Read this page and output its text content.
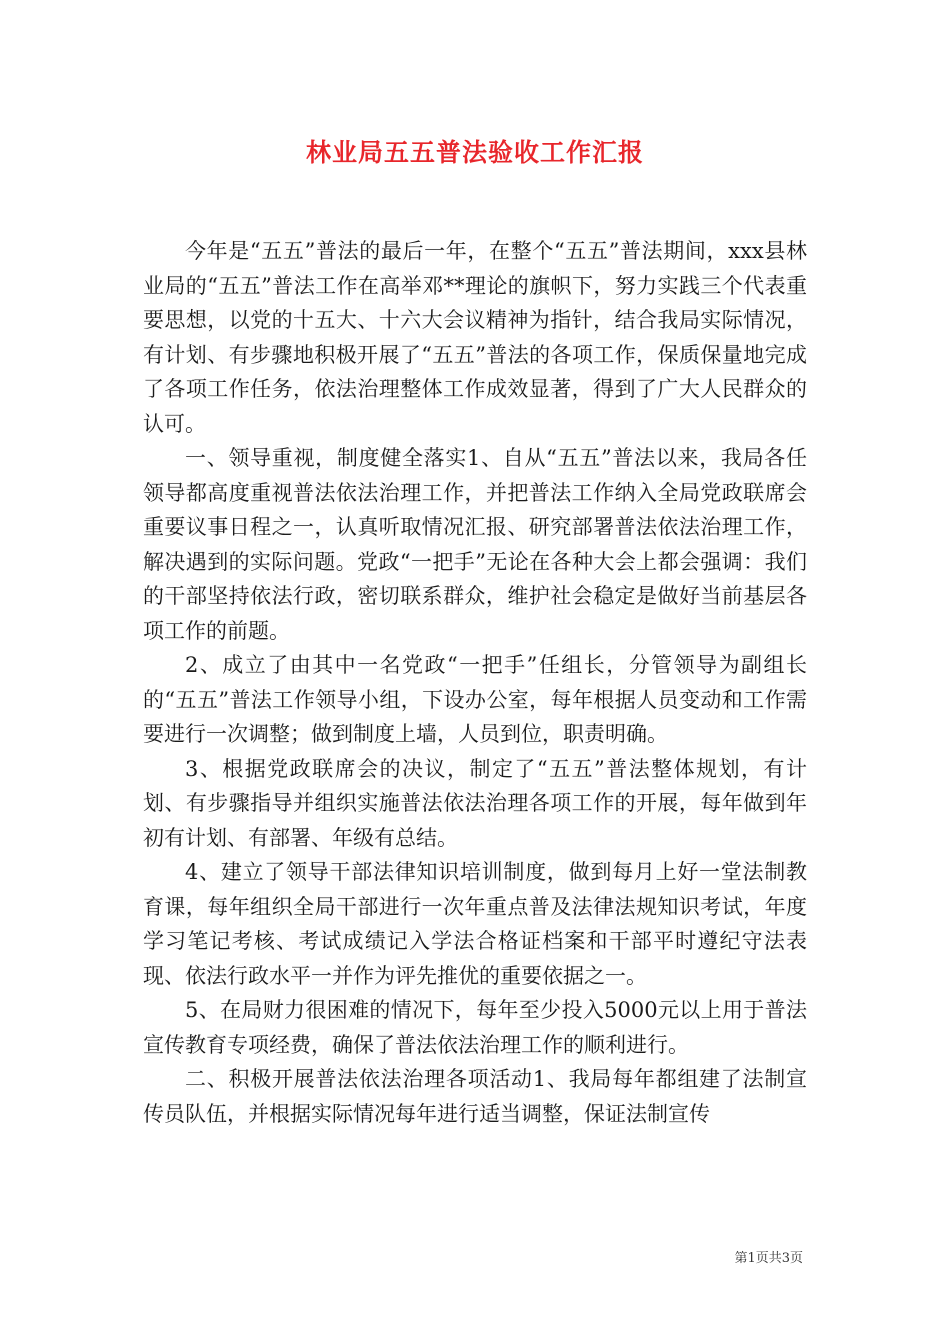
林业局五五普法验收工作汇报

今年是“五五”普法的最后一年，在整个“五五”普法期间，xxx县林业局的“五五”普法工作在高举邓**理论的旗帜下，努力实践三个代表重要思想，以党的十五大、十六大会议精神为指针，结合我局实际情况，有计划、有步骤地积极开展了“五五”普法的各项工作，保质保量地完成了各项工作任务，依法治理整体工作成效显著，得到了广大人民群众的认可。

一、领导重视，制度健全落实1、自从“五五”普法以来，我局各任领导都高度重视普法依法治理工作，并把普法工作纳入全局党政联席会重要议事日程之一，认真听取情况汇报、研究部署普法依法治理工作，解决遇到的实际问题。党政“一把手”无论在各种大会上都会强调：我们的干部坚持依法行政，密切联系群众，维护社会稳定是做好当前基层各项工作的前题。

2、成立了由其中一名党政“一把手”任组长，分管领导为副组长的“五五”普法工作领导小组，下设办公室，每年根据人员变动和工作需要进行一次调整；做到制度上墙，人员到位，职责明确。

3、根据党政联席会的决议，制定了“五五”普法整体规划，有计划、有步骤指导并组织实施普法依法治理各项工作的开展，每年做到年初有计划、有部署、年级有总结。

4、建立了领导干部法律知识培训制度，做到每月上好一堂法制教育课，每年组织全局干部进行一次年重点普及法律法规知识考试，年度学习笔记考核、考试成绩记入学法合格证档案和干部平时遵纪守法表现、依法行政水平一并作为评先推优的重要依据之一。

5、在局财力很困难的情况下，每年至少投入5000元以上用于普法宣传教育专项经费，确保了普法依法治理工作的顺利进行。

二、积极开展普法依法治理各项活动1、我局每年都组建了法制宣传员队伍，并根据实际情况每年进行适当调整，保证法制宣传

第1页共3页
